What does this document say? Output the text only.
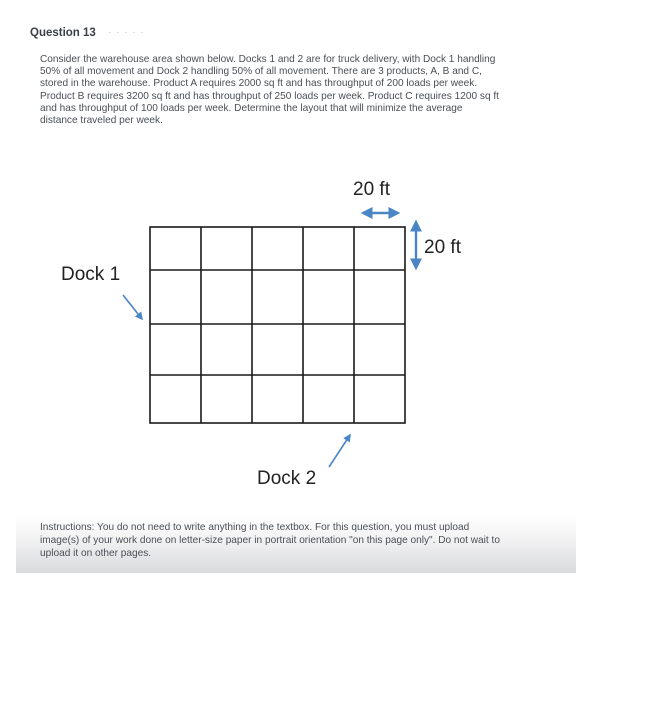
Question 13 · · · · ·
Consider the warehouse area shown below. Docks 1 and 2 are for truck delivery, with Dock 1 handling 50% of all movement and Dock 2 handling 50% of all movement. There are 3 products, A, B and C, stored in the warehouse. Product A requires 2000 sq ft and has throughput of 200 loads per week. Product B requires 3200 sq ft and has throughput of 250 loads per week. Product C requires 1200 sq ft and has throughput of 100 loads per week. Determine the layout that will minimize the average distance traveled per week.
20 ft
20 ft
Dock 1
Dock 2
Instructions: You do not need to write anything in the textbox. For this question, you must upload image(s) of your work done on letter-size paper in portrait orientation "on this page only". Do not wait to upload it on other pages.
